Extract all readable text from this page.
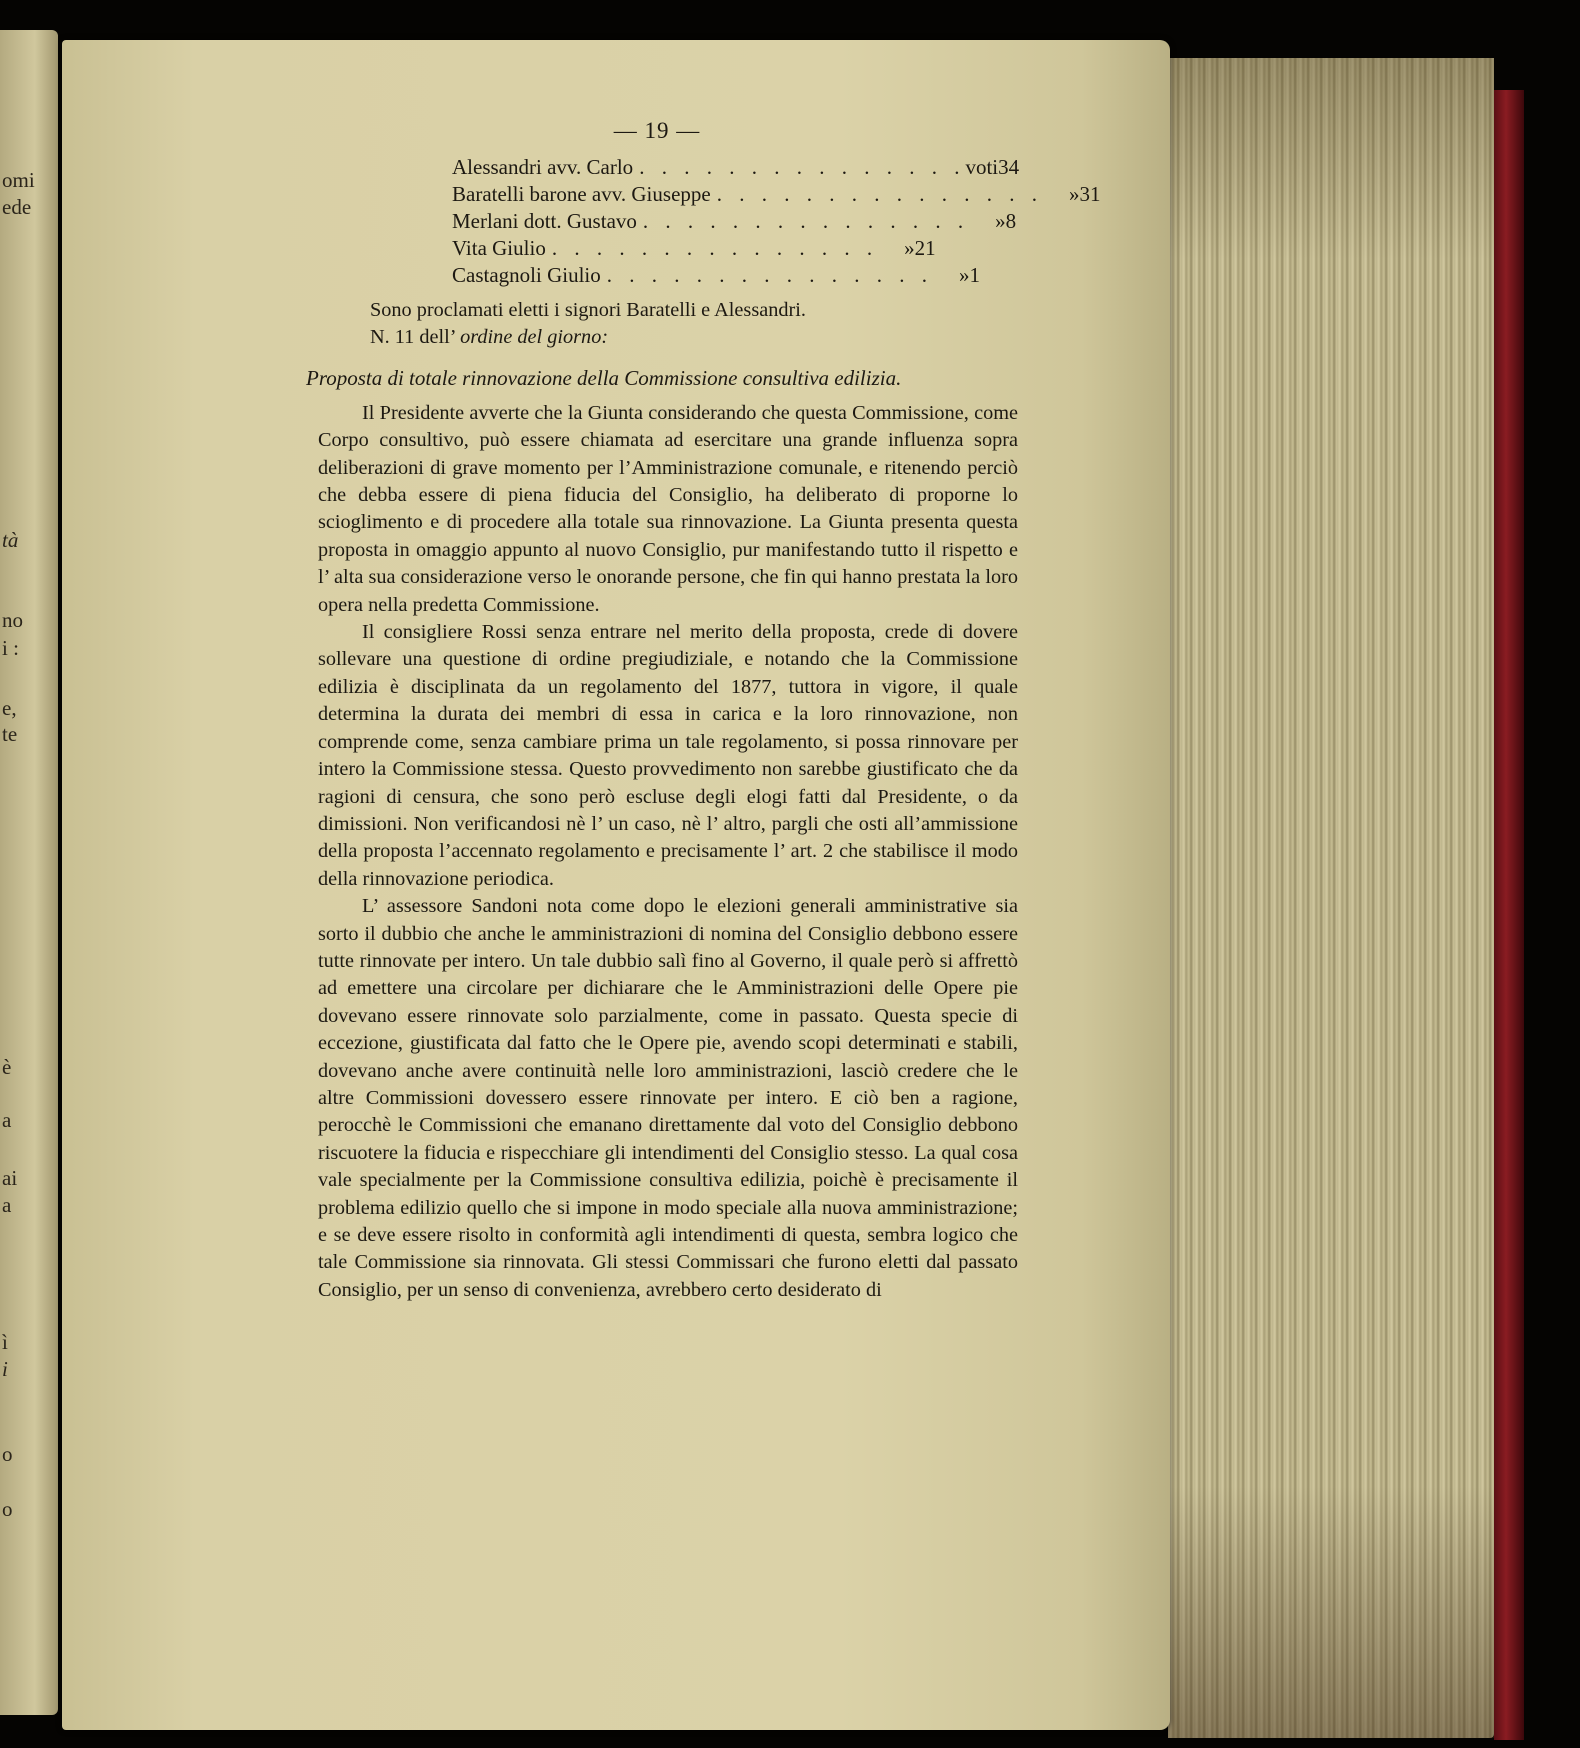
omi
ede
tà
no
i :
e,
te
è
a
ai
a
ì
i
o
o
— 19 —
Alessandri avv. Carlo . . . . . . . . . . . . . . . voti 34
Baratelli barone avv. Giuseppe . . . . . . . . . . . . . . .	» 31
Merlani dott. Gustavo . . . . . . . . . . . . . . .	» 8
Vita Giulio . . . . . . . . . . . . . . .	» 21
Castagnoli Giulio . . . . . . . . . . . . . . .	» 1

Sono proclamati eletti i signori Baratelli e Alessandri.

N. 11 dell’ ordine del giorno:

Proposta di totale rinnovazione della Commissione consultiva edilizia.

Il Presidente avverte che la Giunta considerando che questa Commissione, come Corpo consultivo, può essere chiamata ad esercitare una grande influenza sopra deliberazioni di grave momento per l’Amministrazione comunale, e ritenendo perciò che debba essere di piena fiducia del Consiglio, ha deliberato di proporne lo scioglimento e di procedere alla totale sua rinnovazione. La Giunta presenta questa proposta in omaggio appunto al nuovo Consiglio, pur manifestando tutto il rispetto e l’ alta sua considerazione verso le onorande persone, che fin qui hanno prestata la loro opera nella predetta Commissione.

Il consigliere Rossi senza entrare nel merito della proposta, crede di dovere sollevare una questione di ordine pregiudiziale, e notando che la Commissione edilizia è disciplinata da un regolamento del 1877, tuttora in vigore, il quale determina la durata dei membri di essa in carica e la loro rinnovazione, non comprende come, senza cambiare prima un tale regolamento, si possa rinnovare per intero la Commissione stessa. Questo provvedimento non sarebbe giustificato che da ragioni di censura, che sono però escluse degli elogi fatti dal Presidente, o da dimissioni. Non verificandosi nè l’ un caso, nè l’ altro, pargli che osti all’ammissione della proposta l’accennato regolamento e precisamente l’ art. 2 che stabilisce il modo della rinnovazione periodica.

L’ assessore Sandoni nota come dopo le elezioni generali amministrative sia sorto il dubbio che anche le amministrazioni di nomina del Consiglio debbono essere tutte rinnovate per intero. Un tale dubbio salì fino al Governo, il quale però si affrettò ad emettere una circolare per dichiarare che le Amministrazioni delle Opere pie dovevano essere rinnovate solo parzialmente, come in passato. Questa specie di eccezione, giustificata dal fatto che le Opere pie, avendo scopi determinati e stabili, dovevano anche avere continuità nelle loro amministrazioni, lasciò credere che le altre Commissioni dovessero essere rinnovate per intero. E ciò ben a ragione, perocchè le Commissioni che emanano direttamente dal voto del Consiglio debbono riscuotere la fiducia e rispecchiare gli intendimenti del Consiglio stesso. La qual cosa vale specialmente per la Commissione consultiva edilizia, poichè è precisamente il problema edilizio quello che si impone in modo speciale alla nuova amministrazione; e se deve essere risolto in conformità agli intendimenti di questa, sembra logico che tale Commissione sia rinnovata. Gli stessi Commissari che furono eletti dal passato Consiglio, per un senso di convenienza, avrebbero certo desiderato di
